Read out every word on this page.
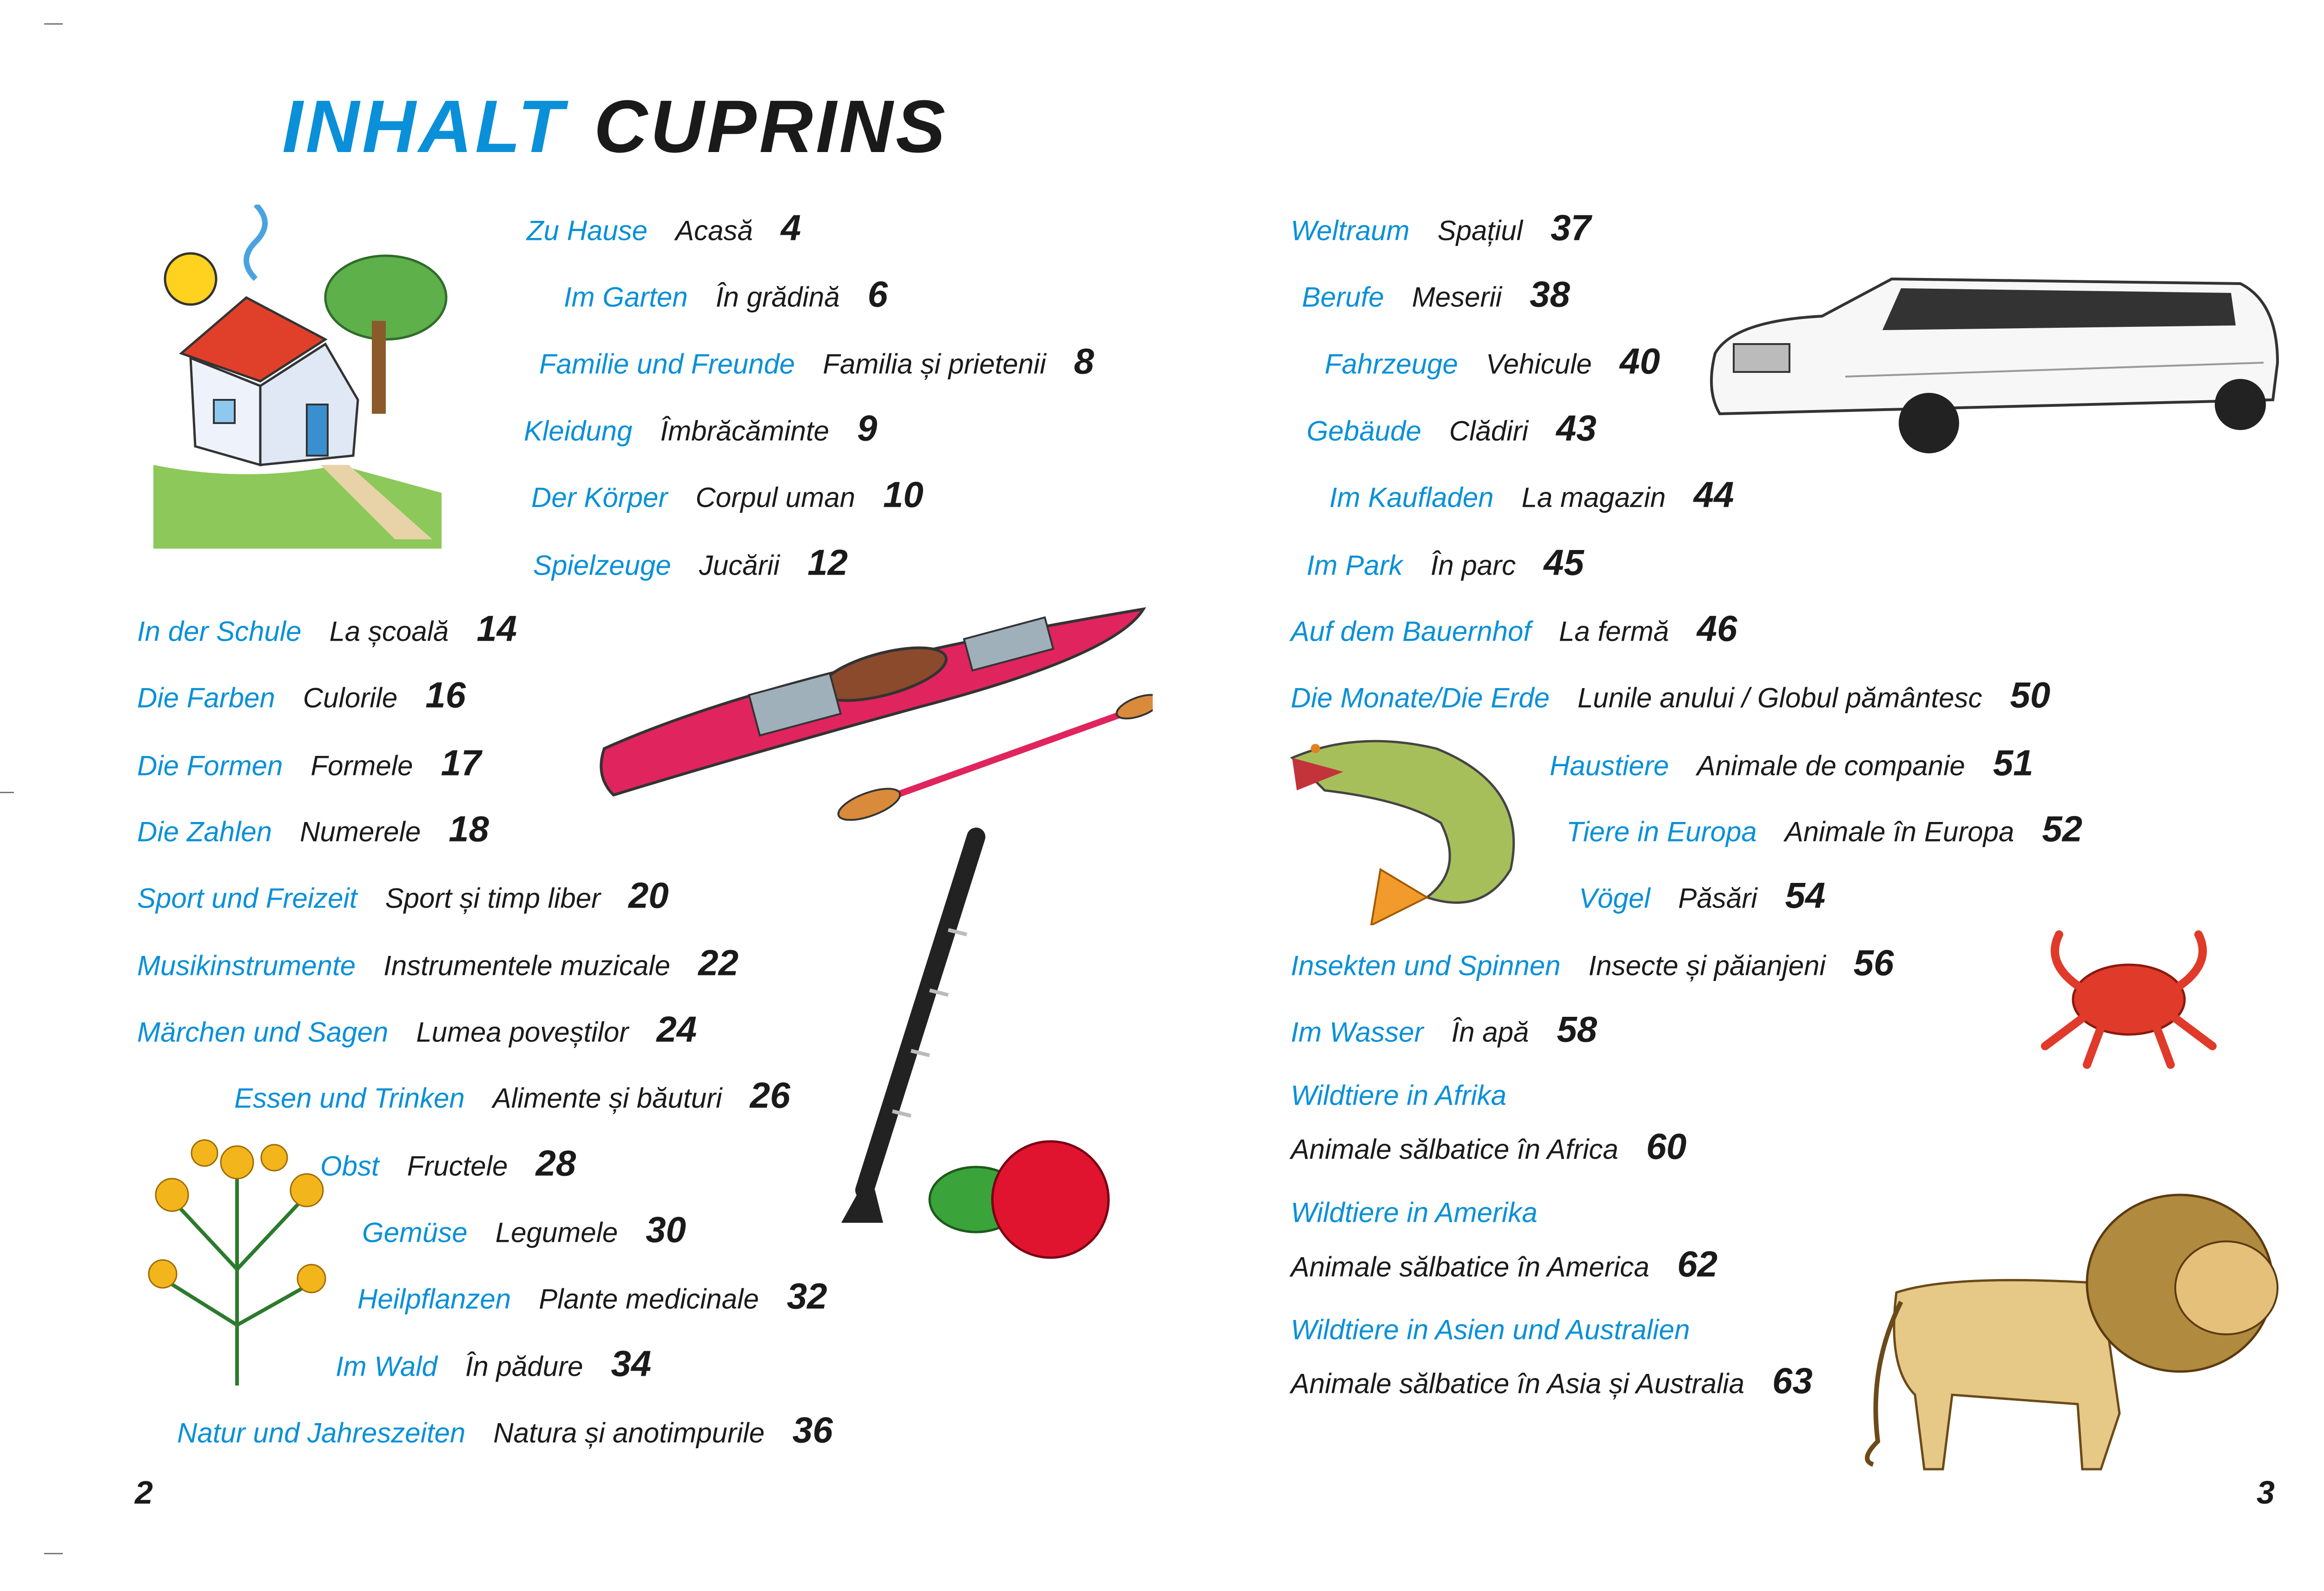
INHALT CUPRINS
Zu Hause Acasă 4
Im Garten În grădină 6
Familie und Freunde Familia și prietenii 8
Kleidung Îmbrăcăminte 9
Der Körper Corpul uman 10
Spielzeuge Jucării 12
In der Schule La școală 14
Die Farben Culorile 16
Die Formen Formele 17
Die Zahlen Numerele 18
Sport und Freizeit Sport și timp liber 20
Musikinstrumente Instrumentele muzicale 22
Märchen und Sagen Lumea poveștilor 24
Essen und Trinken Alimente și băuturi 26
Obst Fructele 28
Gemüse Legumele 30
Heilpflanzen Plante medicinale 32
Im Wald În pădure 34
Natur und Jahreszeiten Natura și anotimpurile 36
Weltraum Spațiul 37
Berufe Meserii 38
Fahrzeuge Vehicule 40
Gebäude Clădiri 43
Im Kaufladen La magazin 44
Im Park În parc 45
Auf dem Bauernhof La fermă 46
Die Monate/Die Erde Lunile anului / Globul pământesc 50
Haustiere Animale de companie 51
Tiere in Europa Animale în Europa 52
Vögel Păsări 54
Insekten und Spinnen Insecte și păianjeni 56
Im Wasser În apă 58
Wildtiere in Afrika
Animale sălbatice în Africa 60
Wildtiere in Amerika
Animale sălbatice în America 62
Wildtiere in Asien und Australien
Animale sălbatice în Asia și Australia 63
2	3
